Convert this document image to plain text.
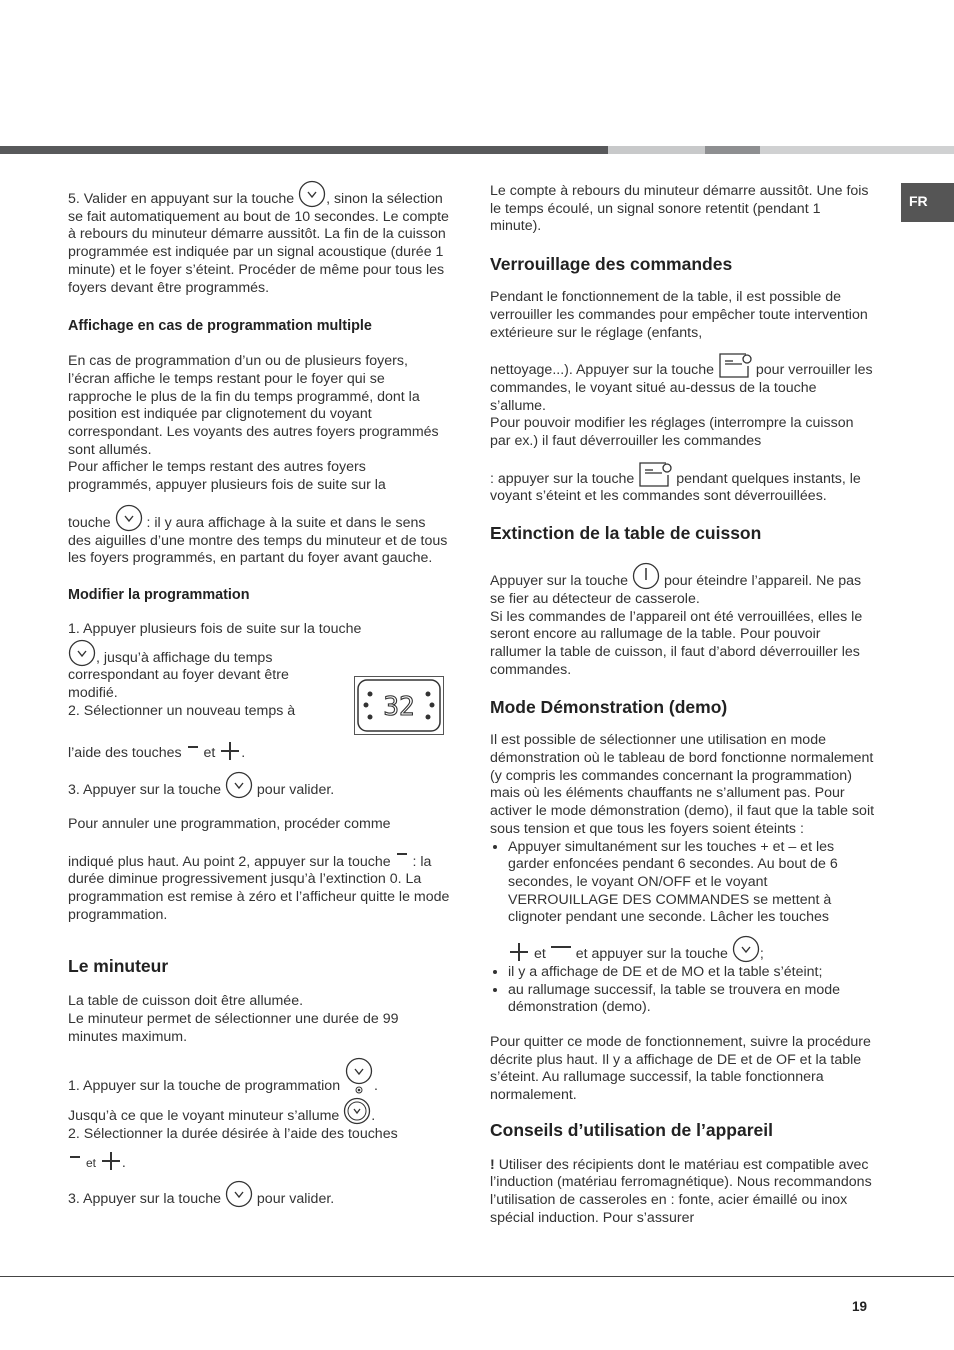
FR

5. Valider en appuyant sur la touche , sinon la sélection se fait automatiquement au bout de 10 secondes. Le compte à rebours du minuteur démarre aussitôt. La fin de la cuisson programmée est indiquée par un signal acoustique (durée 1 minute) et le foyer s’éteint. Procéder de même pour tous les foyers devant être programmés.

Affichage en cas de programmation multiple

En cas de programmation d’un ou de plusieurs foyers, l’écran affiche le temps restant pour le foyer qui se rapproche le plus de la fin du temps programmé, dont la position est indiquée par clignotement du voyant correspondant. Les voyants des autres foyers programmés sont allumés.

Pour afficher le temps restant des autres foyers programmés, appuyer plusieurs fois de suite sur la

touche	: il y aura affichage à la suite et dans le sens des aiguilles d’une montre des temps du minuteur et de tous les foyers programmés, en partant du foyer avant gauche.

Modifier la programmation

1. Appuyer plusieurs fois de suite sur la touche

, jusqu’à affichage du temps correspondant au foyer devant être modifié.

2. Sélectionner un nouveau temps à

l’aide des touches et .

3. Appuyer sur la touche	pour valider.

Pour annuler une programmation, procéder comme

indiqué plus haut. Au point 2, appuyer sur la touche : la durée diminue progressivement jusqu’à l’extinction 0. La programmation est remise à zéro et l’afficheur quitte le mode programmation.

Le minuteur

La table de cuisson doit être allumée.

Le minuteur permet de sélectionner une durée de 99 minutes maximum.

1. Appuyer sur la touche de programmation .

Jusqu’à ce que le voyant minuteur s’allume .

2. Sélectionner la durée désirée à l’aide des touches

et .

3. Appuyer sur la touche	pour valider.

32

Le compte à rebours du minuteur démarre aussitôt. Une fois le temps écoulé, un signal sonore retentit (pendant 1 minute).

Verrouillage des commandes

Pendant le fonctionnement de la table, il est possible de verrouiller les commandes pour empêcher toute intervention extérieure sur le réglage (enfants,

nettoyage...). Appuyer sur la touche	pour verrouiller les commandes, le voyant situé au-dessus de la touche s’allume.

Pour pouvoir modifier les réglages (interrompre la cuisson par ex.) il faut déverrouiller les commandes

: appuyer sur la touche	pendant quelques instants, le voyant s’éteint et les commandes sont déverrouillées.

Extinction de la table de cuisson

Appuyer sur la touche	pour éteindre l’appareil. Ne pas se fier au détecteur de casserole.

Si les commandes de l’appareil ont été verrouillées, elles le seront encore au rallumage de la table. Pour pouvoir rallumer la table de cuisson, il faut d’abord déverrouiller les commandes.

Mode Démonstration (demo)

Il est possible de sélectionner une utilisation en mode démonstration où le tableau de bord fonctionne normalement (y compris les commandes concernant la programmation) mais où les éléments chauffants ne s’allument pas. Pour activer le mode démonstration (demo), il faut que la table soit sous tension et que tous les foyers soient éteints :

• Appuyer simultanément sur les touches + et – et les garder enfoncées pendant 6 secondes. Au bout de 6 secondes, le voyant ON/OFF et le voyant VERROUILLAGE DES COMMANDES se mettent à clignoter pendant une seconde. Lâcher les touches

et et appuyer sur la touche ;
• il y a affichage de DE et de MO et la table s’éteint;
• au rallumage successif, la table se trouvera en mode démonstration (demo).

Pour quitter ce mode de fonctionnement, suivre la procédure décrite plus haut. Il y a affichage de DE et de OF et la table s’éteint. Au rallumage successif, la table fonctionnera normalement.

Conseils d’utilisation de l’appareil

! Utiliser des récipients dont le matériau est compatible avec l’induction (matériau ferromagnétique). Nous recommandons l’utilisation de casseroles en : fonte, acier émaillé ou inox spécial induction. Pour s’assurer

19
